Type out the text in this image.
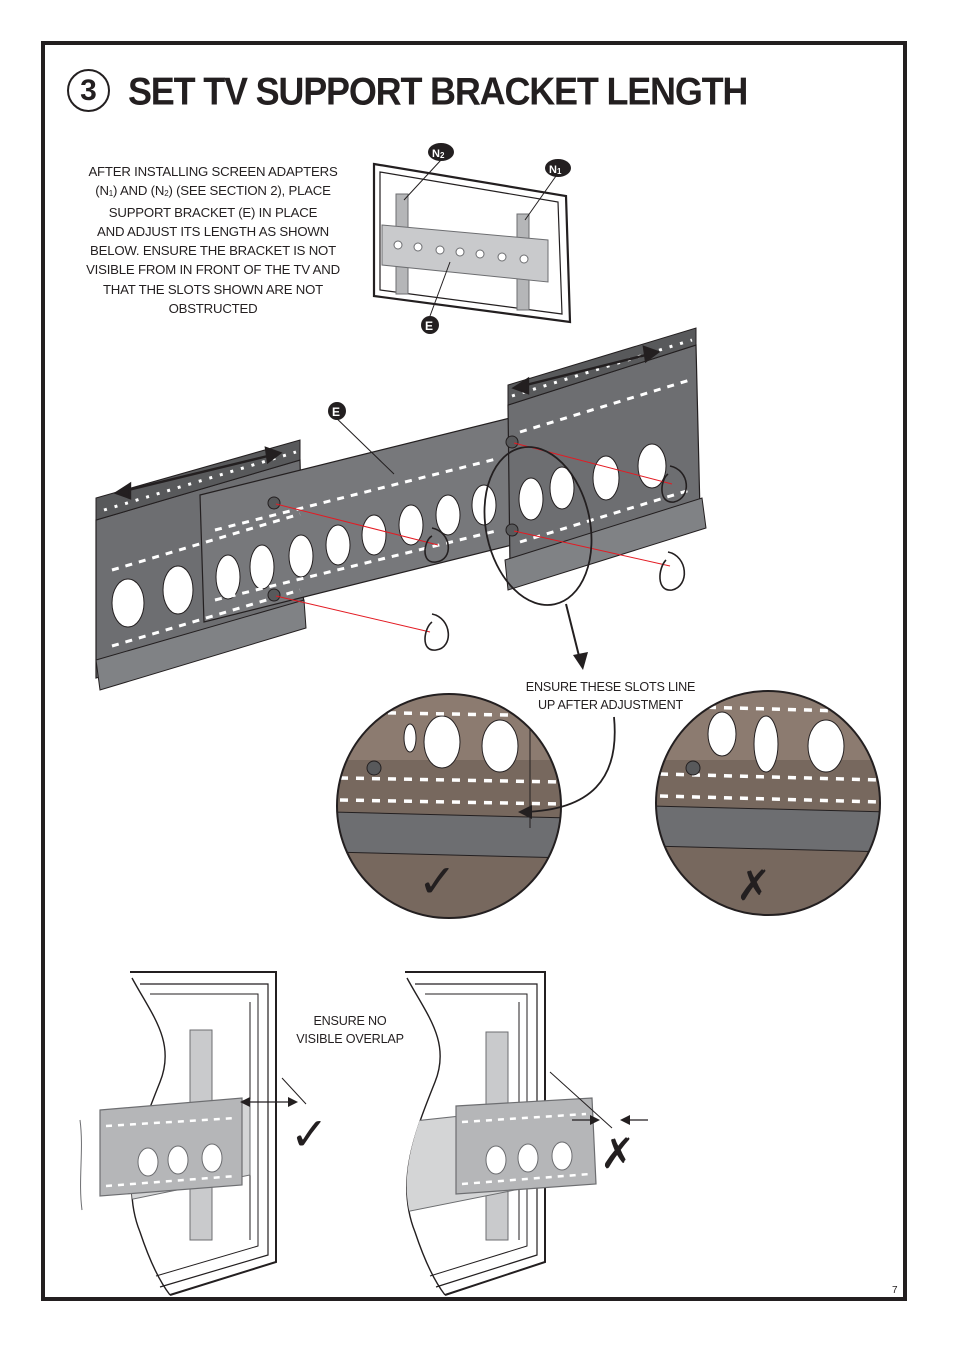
3 SET TV SUPPORT BRACKET LENGTH
AFTER INSTALLING SCREEN ADAPTERS
$(N_1)$ AND $(N_2)$ (SEE SECTION 2), PLACE
SUPPORT BRACKET (E) IN PLACE
AND ADJUST ITS LENGTH AS SHOWN
BELOW. ENSURE THE BRACKET IS NOT
VISIBLE FROM IN FRONT OF THE TV AND
THAT THE SLOTS SHOWN ARE NOT
OBSTRUCTED
N2
N1
E
E
✓	✗
✓	✗
ENSURE THESE SLOTS LINE
UP AFTER ADJUSTMENT
ENSURE NO
VISIBLE OVERLAP
7
